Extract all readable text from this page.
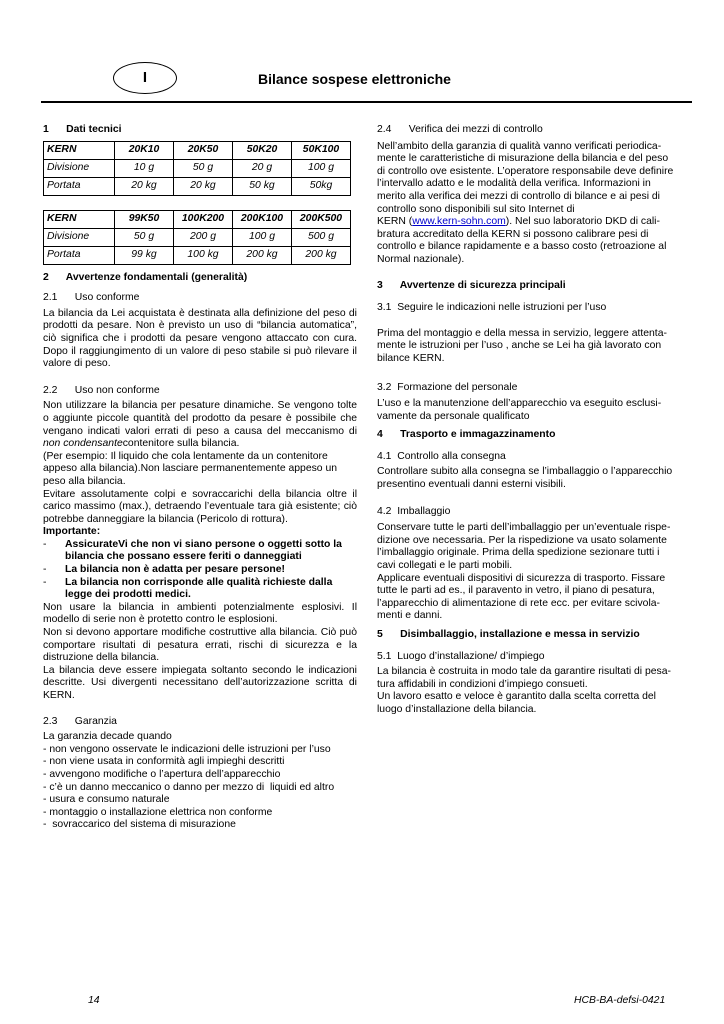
I	Bilance sospese elettroniche

1      Dati tecnici

KERN	20K10	20K50	50K20	50K100
Divisione	10 g	50 g	20 g	100 g
Portata	20 kg	20 kg	50 kg	50kg
KERN	99K50	100K200	200K100	200K500
Divisione	50 g	200 g	100 g	500 g
Portata	99 kg	100 kg	200 kg	200 kg

2      Avvertenze fondamentali (generalità)

2.1      Uso conforme

La bilancia da Lei acquistata è destinata alla definizione del peso di prodotti da pesare. Non è previsto un uso di “bilancia automatica”, ciò significa che i prodotti da pesare vengono attaccato con cura. Dopo il raggiungimento di un valore di peso stabile si può rilevare il valore di peso.

2.2      Uso non conforme

Non utilizzare la bilancia per pesature dinamiche. Se vengono tolte o aggiunte piccole quantità del prodotto da pesare è possibile che vengano indicati valori errati di peso a causa del meccanismo di non condensantecontenitore sulla bilancia.

(Per esempio: Il liquido che cola lentamente da un contenitore appeso alla bilancia).Non lasciare permanentemente appeso un peso alla bilancia.

Evitare assolutamente colpi e sovraccarichi della bilancia oltre il carico massimo (max.), detraendo l’eventuale tara già esistente; ciò potrebbe danneggiare la bilancia (Pericolo di rottura).

Importante:

-	AssicurateVi che non vi siano persone o oggetti sotto la bilancia che possano essere feriti o danneggiati
-	La bilancia non è adatta per pesare persone!
-	La bilancia non corrisponde alle qualità richieste dalla legge dei prodotti medici.

Non usare la bilancia in ambienti potenzialmente esplosivi. Il modello di serie non è protetto contro le esplosioni.

Non si devono apportare modifiche costruttive alla bilancia. Ciò può comportare risultati di pesatura errati, rischi di sicurezza e la distruzione della bilancia.

La bilancia deve essere impiegata soltanto secondo le indicazioni descritte. Usi divergenti necessitano dell’autorizzazione scritta di KERN.

2.3      Garanzia

La garanzia decade quando

- non vengono osservate le indicazioni delle istruzioni per l’uso

- non viene usata in conformità agli impieghi descritti

- avvengono modifiche o l’apertura dell’apparecchio

- c’è un danno meccanico o danno per mezzo di  liquidi ed altro

- usura e consumo naturale

- montaggio o installazione elettrica non conforme

-  sovraccarico del sistema di misurazione

2.4      Verifica dei mezzi di controllo

Nell’ambito della garanzia di qualità vanno verificati periodica-

mente le caratteristiche di misurazione della bilancia e del peso

di controllo ove esistente. L’operatore responsabile deve definire

l’intervallo adatto e le modalità della verifica. Informazioni in

merito alla verifica dei mezzi di controllo di bilance e ai pesi di

controllo sono disponibili sul sito Internet di

KERN (www.kern-sohn.com). Nel suo laboratorio DKD di cali-

bratura accreditato della KERN si possono calibrare pesi di

controllo e bilance rapidamente e a basso costo (retroazione al

Normal nazionale).

3      Avvertenze di sicurezza principali

3.1  Seguire le indicazioni nelle istruzioni per l’uso

Prima del montaggio e della messa in servizio, leggere attenta-

mente le istruzioni per l’uso , anche se Lei ha già lavorato con

bilance KERN.

3.2  Formazione del personale

L’uso e la manutenzione dell’apparecchio va eseguito esclusi-

vamente da personale qualificato

4      Trasporto e immagazzinamento

4.1  Controllo alla consegna

Controllare subito alla consegna se l’imballaggio o l’apparecchio

presentino eventuali danni esterni visibili.

4.2  Imballaggio

Conservare tutte le parti dell’imballaggio per un’eventuale rispe-

dizione ove necessaria. Per la rispedizione va usato solamente

l’imballaggio originale. Prima della spedizione sezionare tutti i

cavi collegati e le parti mobili.

Applicare eventuali dispositivi di sicurezza di trasporto. Fissare

tutte le parti ad es., il paravento in vetro, il piano di pesatura,

l’apparecchio di alimentazione di rete ecc. per evitare scivola-

menti e danni.

5      Disimballaggio, installazione e messa in servizio

5.1  Luogo d’installazione/ d’impiego

La bilancia è costruita in modo tale da garantire risultati di pesa-

tura affidabili in condizioni d’impiego consueti.

Un lavoro esatto e veloce è garantito dalla scelta corretta del

luogo d’installazione della bilancia.

14	HCB-BA-defsi-0421
